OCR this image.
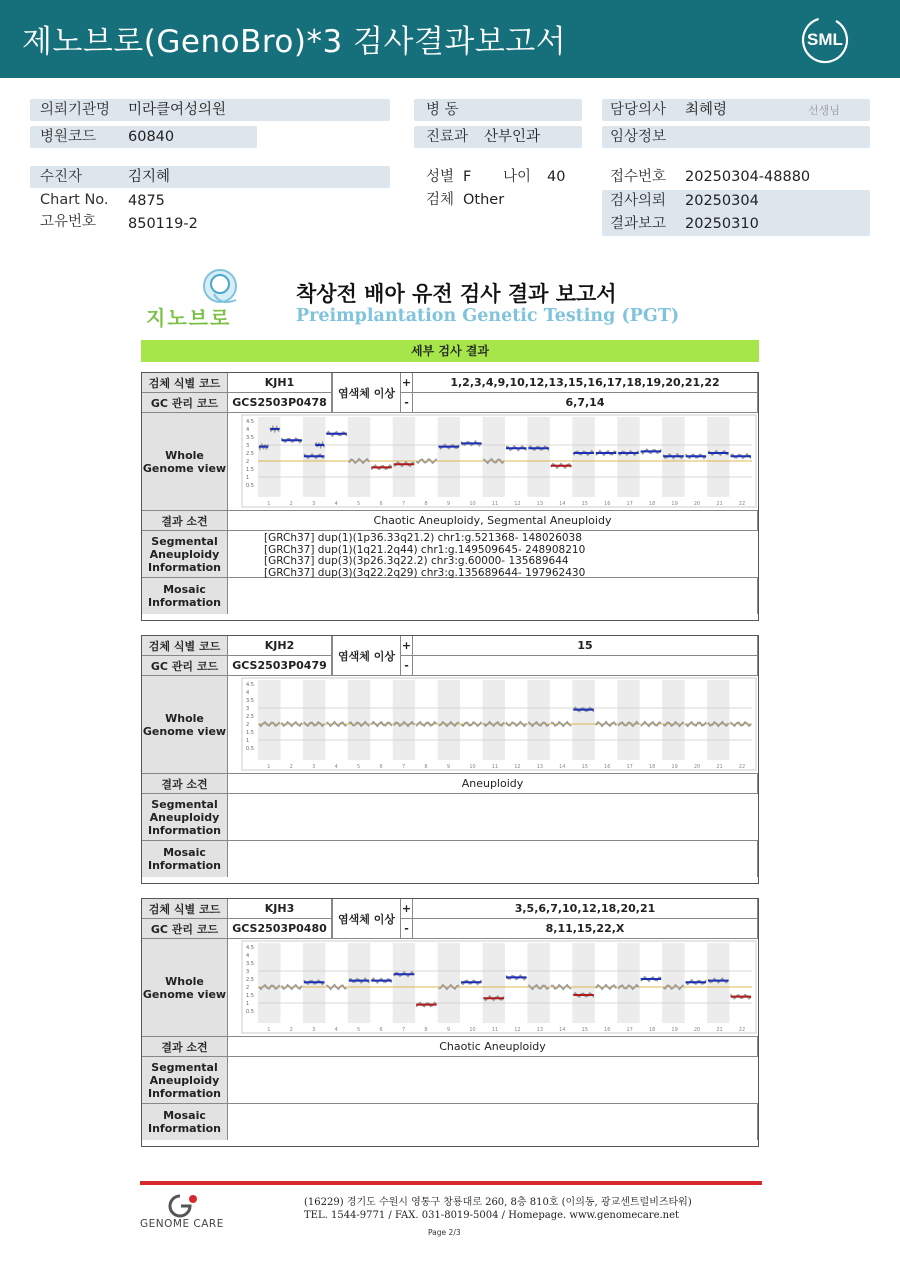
제노브로(GenoBro)*3 검사결과보고서	SML
의뢰기관명 미라클여성의원
병원코드 60840
병 동
진료과 산부인과
담당의사 최혜령	선생님
임상정보
수진자	김지혜
Chart No. 4875
고유번호 850119-2
성별 F 나이 40
검체 Other
접수번호 20250304-48880
검사의뢰 20250304
결과보고 20250310
지노브로
착상전 배아 유전 검사 결과 보고서
Preimplantation Genetic Testing (PGT)
세부 검사 결과
검체 식별 코드	KJH1	+	1,2,3,4,9,10,12,13,15,16,17,18,19,20,21,22
GC 관리 코드	GCS2503P0478	-	6,7,14
염색체 이상
Whole Genome view
4.5
4
3.5
3
2.5
2
1.5
1
0.5
1	2	3	4	5	6	7	8	9	10	11	12	13	14	15	16	17	18	19	20	21	22
결과 소견	Chaotic Aneuploidy, Segmental Aneuploidy
Segmental Aneuploidy Information
[GRCh37] dup(1)(1p36.33q21.2) chr1:g.521368- 148026038
[GRCh37] dup(1)(1q21.2q44) chr1:g.149509645- 248908210
[GRCh37] dup(3)(3p26.3q22.2) chr3:g.60000- 135689644
[GRCh37] dup(3)(3q22.2q29) chr3:g.135689644- 197962430
Mosaic Information
검체 식별 코드	KJH2	+	15
GC 관리 코드	GCS2503P0479	-
염색체 이상
Whole Genome view
4.5
4
3.5
3
2.5
2
1.5
1
0.5
1	2	3	4	5	6	7	8	9	10	11	12	13	14	15	16	17	18	19	20	21	22
결과 소견	Aneuploidy
Segmental Aneuploidy Information
Mosaic Information
검체 식별 코드	KJH3	+	3,5,6,7,10,12,18,20,21
GC 관리 코드	GCS2503P0480	-	8,11,15,22,X
염색체 이상
Whole Genome view
4.5
4
3.5
3
2.5
2
1.5
1
0.5
1	2	3	4	5	6	7	8	9	10	11	12	13	14	15	16	17	18	19	20	21	22
결과 소견	Chaotic Aneuploidy
Segmental Aneuploidy Information
Mosaic Information
GENOME CARE
(16229) 경기도 수원시 영통구 창룡대로 260, 8층 810호 (이의동, 광교센트럴비즈타워)
TEL. 1544-9771 / FAX. 031-8019-5004 / Homepage. www.genomecare.net
Page 2/3
